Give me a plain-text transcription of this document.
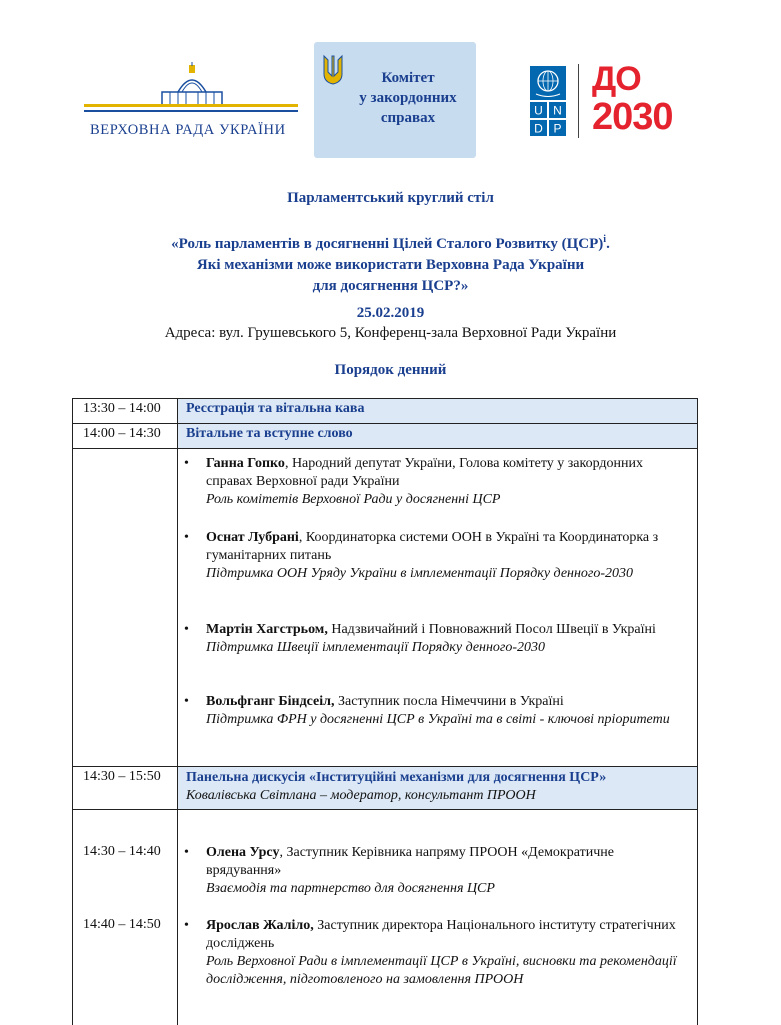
ВЕРХОВНА РАДА УКРАЇНИ
Комітет
у закордонних
справах	U N
D P
ДО
2030
Парламентський круглий стіл
«Роль парламентів в досягненні Цілей Сталого Розвитку (ЦСР)$^i$.
Які механізми може використати Верховна Рада України
для досягнення ЦСР?»
25.02.2019
Адреса: вул. Грушевського 5, Конференц-зала Верховної Ради України
Порядок денний
13:30 – 14:00	Ресстрація та вітальна кава
14:00 – 14:30	Вітальне та вступне слово
• Ганна Гопко, Народний депутат України, Голова комітету у закордонних справах Верховної ради України
Роль комітетів Верховної Ради у досягненні ЦСР
• Оснат Лубрані, Координаторка системи ООН в Україні та Координаторка з гуманітарних питань
Підтримка ООН Уряду України в імплементації Порядку денного-2030
• Мартін Хагстрьом, Надзвичайний і Повноважний Посол Швеції в Україні
Підтримка Швеції імплементації Порядку денного-2030
• Вольфганг Біндсеіл, Заступник посла Німеччини в Україні
Підтримка ФРН у досягненні ЦСР в Україні та в світі - ключові пріоритети
14:30 – 15:50	Панельна дискусія «Інституційні механізми для досягнення ЦСР»
Ковалівська Світлана – модератор, консультант ПРООН
14:30 – 14:40 • Олена Урсу, Заступник Керівника напряму ПРООН «Демократичне врядування»
Взаємодія та партнерство для досягнення ЦСР
14:40 – 14:50 • Ярослав Жаліло, Заступник директора Національного інституту стратегічних досліджень
Роль Верховної Ради в імплементації ЦСР в Україні, висновки та рекомендації дослідження, підготовленого на замовлення ПРООН
